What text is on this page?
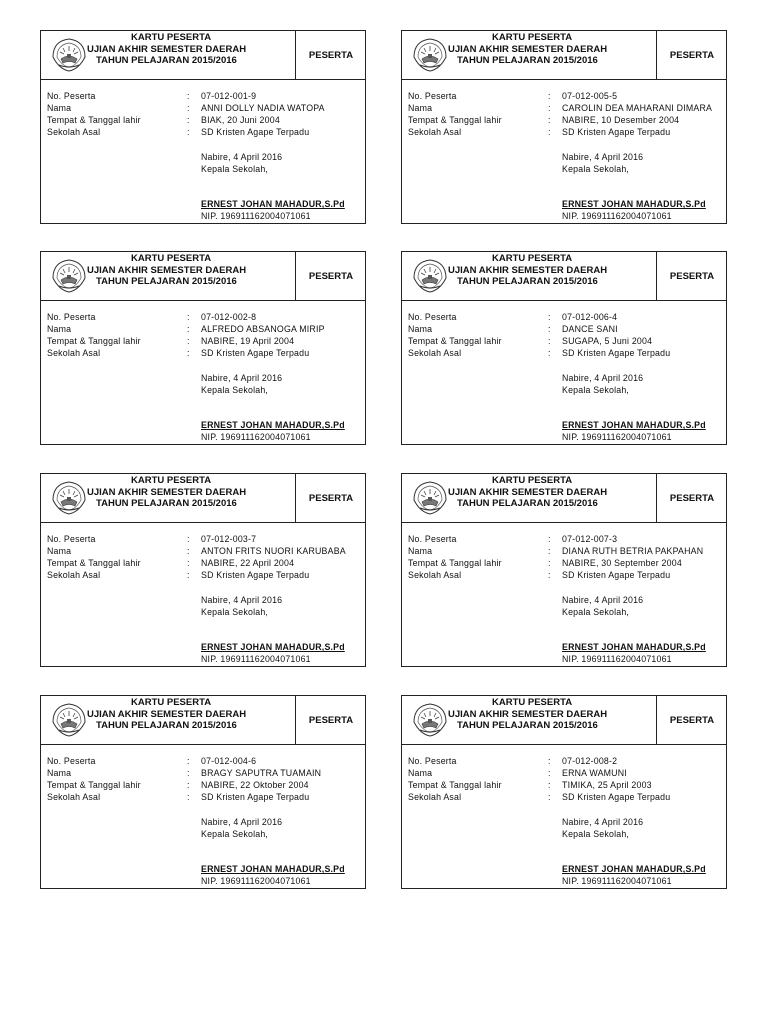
KARTU PESERTA
UJIAN AKHIR SEMESTER DAERAH
TAHUN PELAJARAN 2015/2016
PESERTA
No. Peserta	: 07-012-001-9
Nama	: ANNI DOLLY NADIA WATOPA
Tempat & Tanggal lahir	: BIAK, 20 Juni 2004
Sekolah Asal	: SD Kristen Agape Terpadu
Nabire, 4 April 2016
Kepala Sekolah,
ERNEST JOHAN MAHADUR,S.Pd
NIP. 196911162004071061
KARTU PESERTA
UJIAN AKHIR SEMESTER DAERAH
TAHUN PELAJARAN 2015/2016
PESERTA
No. Peserta	: 07-012-005-5
Nama	: CAROLIN DEA MAHARANI DIMARA
Tempat & Tanggal lahir	: NABIRE, 10 Desember 2004
Sekolah Asal	: SD Kristen Agape Terpadu
Nabire, 4 April 2016
Kepala Sekolah,
ERNEST JOHAN MAHADUR,S.Pd
NIP. 196911162004071061
KARTU PESERTA
UJIAN AKHIR SEMESTER DAERAH
TAHUN PELAJARAN 2015/2016
PESERTA
No. Peserta	: 07-012-002-8
Nama	: ALFREDO ABSANOGA MIRIP
Tempat & Tanggal lahir	: NABIRE, 19 April 2004
Sekolah Asal	: SD Kristen Agape Terpadu
Nabire, 4 April 2016
Kepala Sekolah,
ERNEST JOHAN MAHADUR,S.Pd
NIP. 196911162004071061
KARTU PESERTA
UJIAN AKHIR SEMESTER DAERAH
TAHUN PELAJARAN 2015/2016
PESERTA
No. Peserta	: 07-012-006-4
Nama	: DANCE SANI
Tempat & Tanggal lahir	: SUGAPA, 5 Juni 2004
Sekolah Asal	: SD Kristen Agape Terpadu
Nabire, 4 April 2016
Kepala Sekolah,
ERNEST JOHAN MAHADUR,S.Pd
NIP. 196911162004071061
KARTU PESERTA
UJIAN AKHIR SEMESTER DAERAH
TAHUN PELAJARAN 2015/2016
PESERTA
No. Peserta	: 07-012-003-7
Nama	: ANTON FRITS NUORI KARUBABA
Tempat & Tanggal lahir	: NABIRE, 22 April 2004
Sekolah Asal	: SD Kristen Agape Terpadu
Nabire, 4 April 2016
Kepala Sekolah,
ERNEST JOHAN MAHADUR,S.Pd
NIP. 196911162004071061
KARTU PESERTA
UJIAN AKHIR SEMESTER DAERAH
TAHUN PELAJARAN 2015/2016
PESERTA
No. Peserta	: 07-012-007-3
Nama	: DIANA RUTH BETRIA PAKPAHAN
Tempat & Tanggal lahir	: NABIRE, 30 September 2004
Sekolah Asal	: SD Kristen Agape Terpadu
Nabire, 4 April 2016
Kepala Sekolah,
ERNEST JOHAN MAHADUR,S.Pd
NIP. 196911162004071061
KARTU PESERTA
UJIAN AKHIR SEMESTER DAERAH
TAHUN PELAJARAN 2015/2016
PESERTA
No. Peserta	: 07-012-004-6
Nama	: BRAGY SAPUTRA TUAMAIN
Tempat & Tanggal lahir	: NABIRE, 22 Oktober 2004
Sekolah Asal	: SD Kristen Agape Terpadu
Nabire, 4 April 2016
Kepala Sekolah,
ERNEST JOHAN MAHADUR,S.Pd
NIP. 196911162004071061
KARTU PESERTA
UJIAN AKHIR SEMESTER DAERAH
TAHUN PELAJARAN 2015/2016
PESERTA
No. Peserta	: 07-012-008-2
Nama	: ERNA WAMUNI
Tempat & Tanggal lahir	: TIMIKA, 25 April 2003
Sekolah Asal	: SD Kristen Agape Terpadu
Nabire, 4 April 2016
Kepala Sekolah,
ERNEST JOHAN MAHADUR,S.Pd
NIP. 196911162004071061
